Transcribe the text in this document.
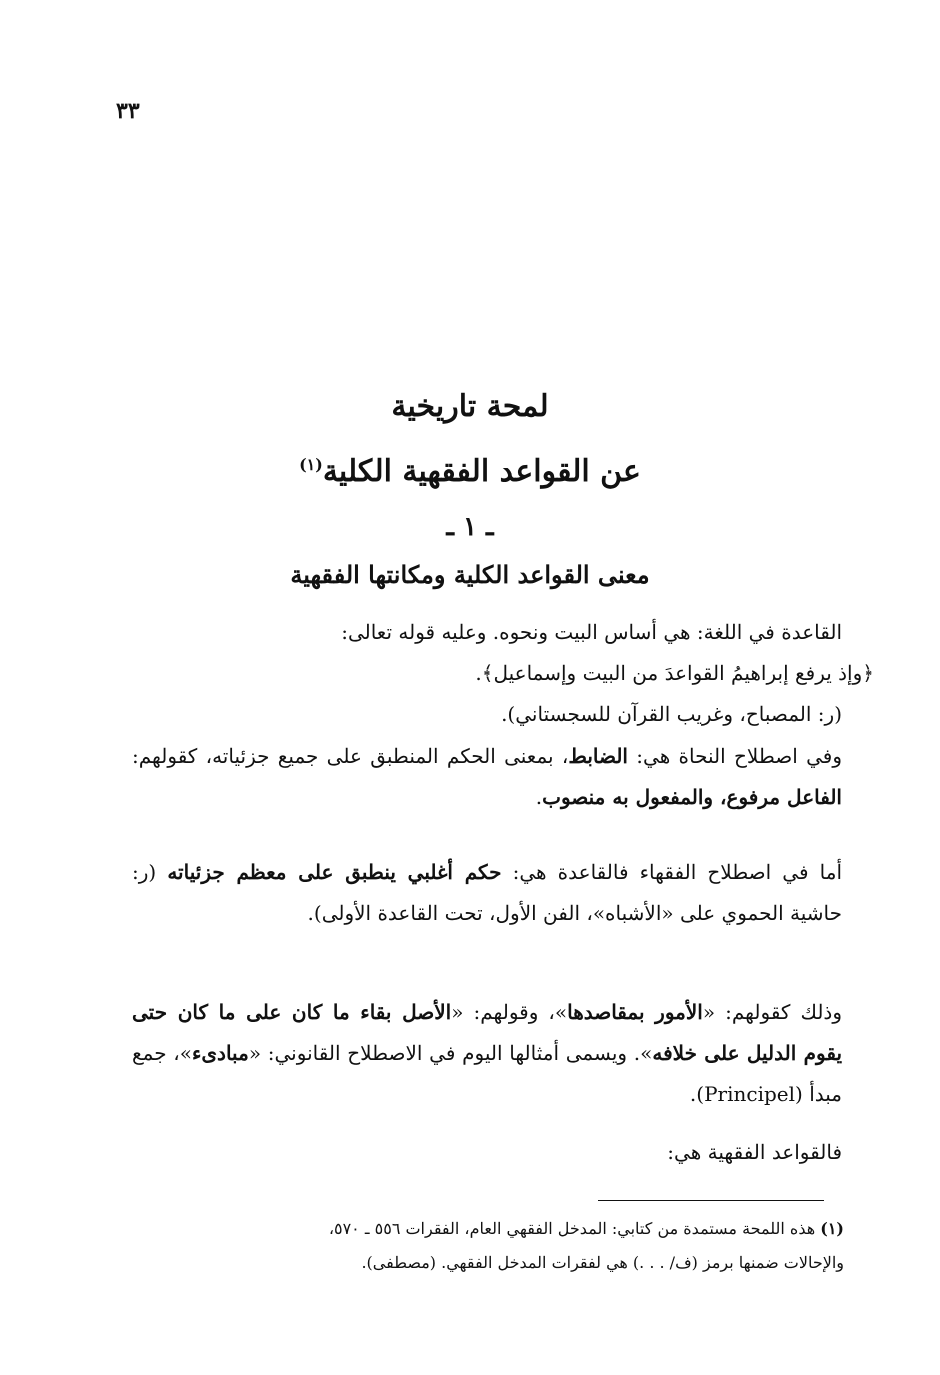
٣٣
لمحة تاريخية
عن القواعد الفقهية الكلية$^{(١)}$
ـ ١ ـ
معنى القواعد الكلية ومكانتها الفقهية
القاعدة في اللغة: هي أساس البيت ونحوه. وعليه قوله تعالى:
﴿وإذ يرفع إبراهيمُ القواعدَ من البيت وإسماعيل﴾.
(ر: المصباح، وغريب القرآن للسجستاني).
وفي اصطلاح النحاة هي: الضابط، بمعنى الحكم المنطبق على جميع جزئياته، كقولهم: الفاعل مرفوع، والمفعول به منصوب.
أما في اصطلاح الفقهاء فالقاعدة هي: حكم أغلبي ينطبق على معظم جزئياته (ر: حاشية الحموي على «الأشباه»، الفن الأول، تحت القاعدة الأولى).
وذلك كقولهم: «الأمور بمقاصدها»، وقولهم: «الأصل بقاء ما كان على ما كان حتى يقوم الدليل على خلافه». ويسمى أمثالها اليوم في الاصطلاح القانوني: «مبادىء»، جمع مبدأ (Principel).
فالقواعد الفقهية هي:
(١) هذه اللمحة مستمدة من كتابي: المدخل الفقهي العام، الفقرات ٥٥٦ ـ ٥٧٠،
والإحالات ضمنها برمز (ف/ . . .) هي لفقرات المدخل الفقهي. (مصطفى).
